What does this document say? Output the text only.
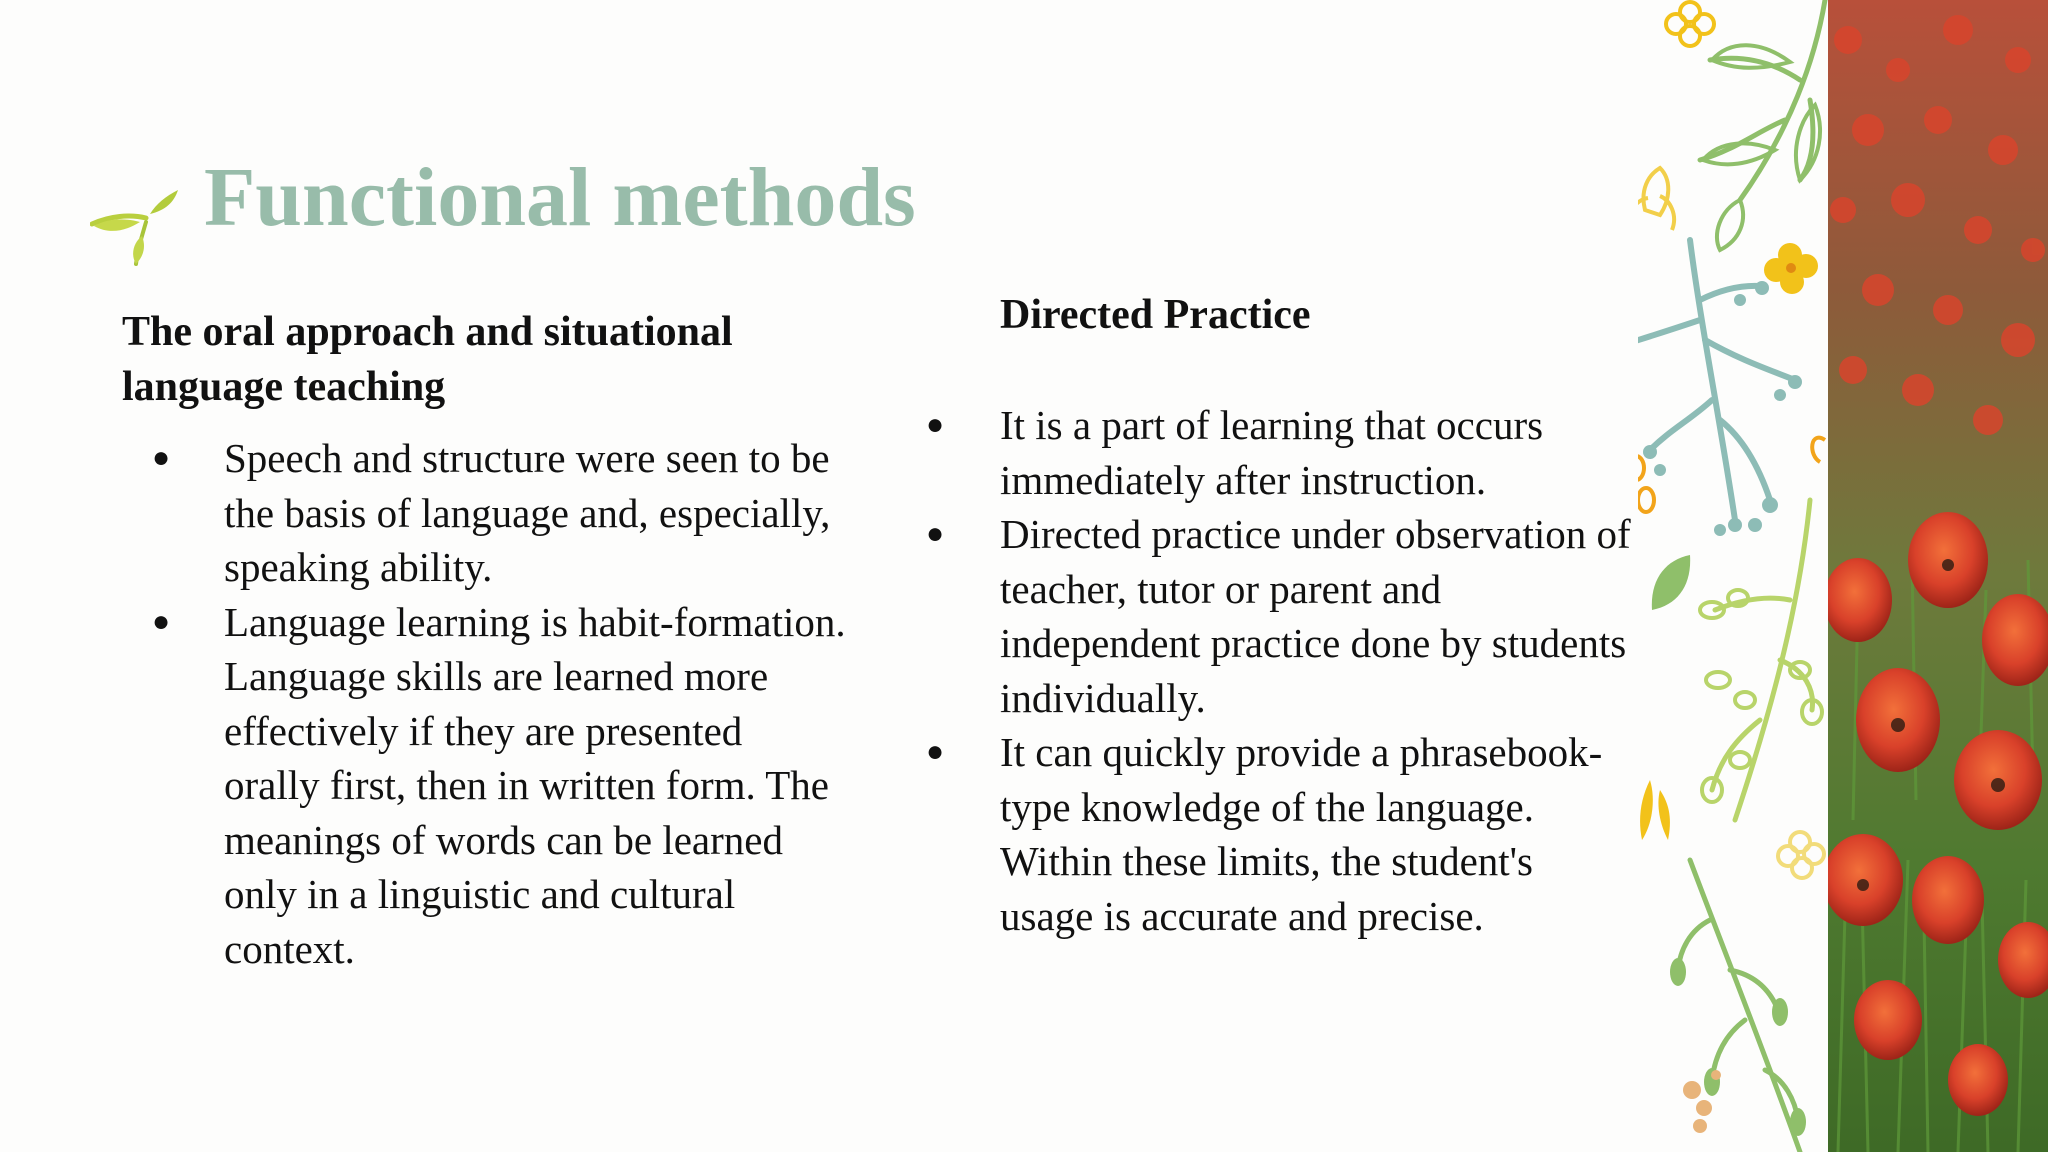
Functional methods
The oral approach and situational
language teaching
● Speech and structure were seen to be
the basis of language and, especially,
speaking ability.
● Language learning is habit-formation.
Language skills are learned more
effectively if they are presented
orally first, then in written form. The
meanings of words can be learned
only in a linguistic and cultural
context.
Directed Practice
● It is a part of learning that occurs
immediately after instruction.
● Directed practice under observation of
teacher, tutor or parent and
independent practice done by students
individually.
● It can quickly provide a phrasebook-
type knowledge of the language.
Within these limits, the student's
usage is accurate and precise.
